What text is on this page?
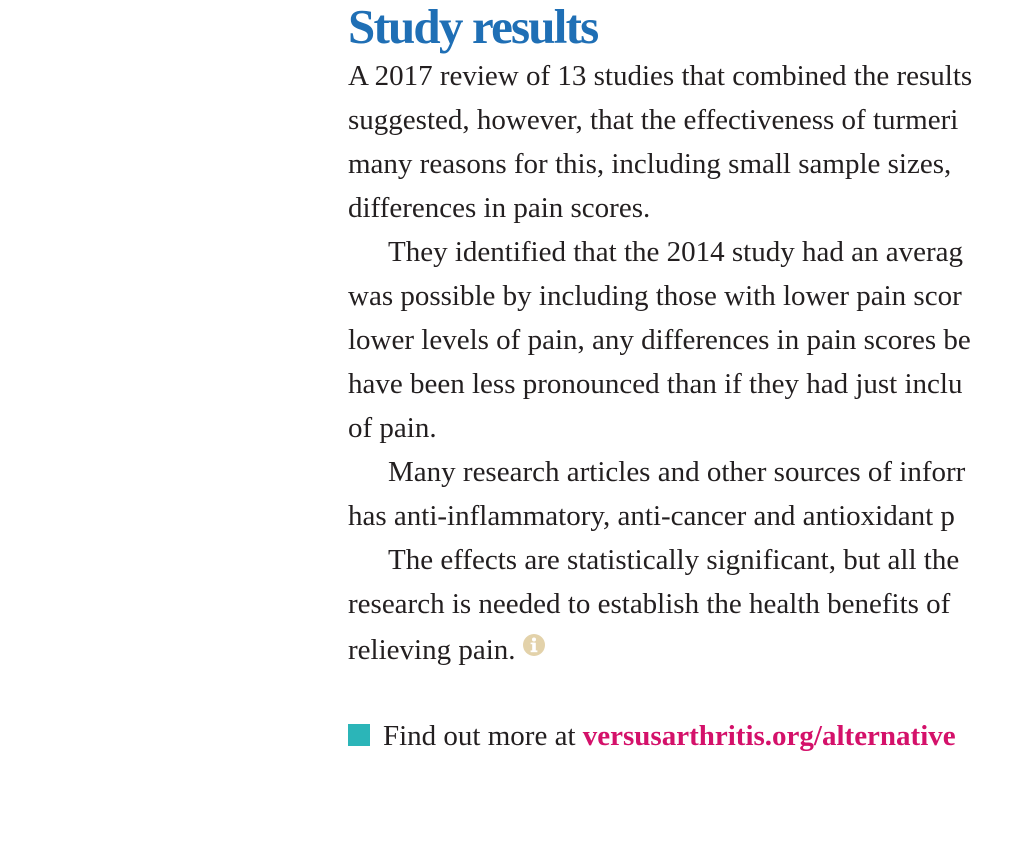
Study results

A 2017 review of 13 studies that combined the results
suggested, however, that the effectiveness of turmeri
many reasons for this, including small sample sizes,
differences in pain scores.

They identified that the 2014 study had an averag
was possible by including those with lower pain scor
lower levels of pain, any differences in pain scores be
have been less pronounced than if they had just inclu
of pain.

Many research articles and other sources of inforr
has anti-inflammatory, anti-cancer and antioxidant p

The effects are statistically significant, but all the
research is needed to establish the health benefits of
relieving pain.

Find out more at versusarthritis.org/alternative
